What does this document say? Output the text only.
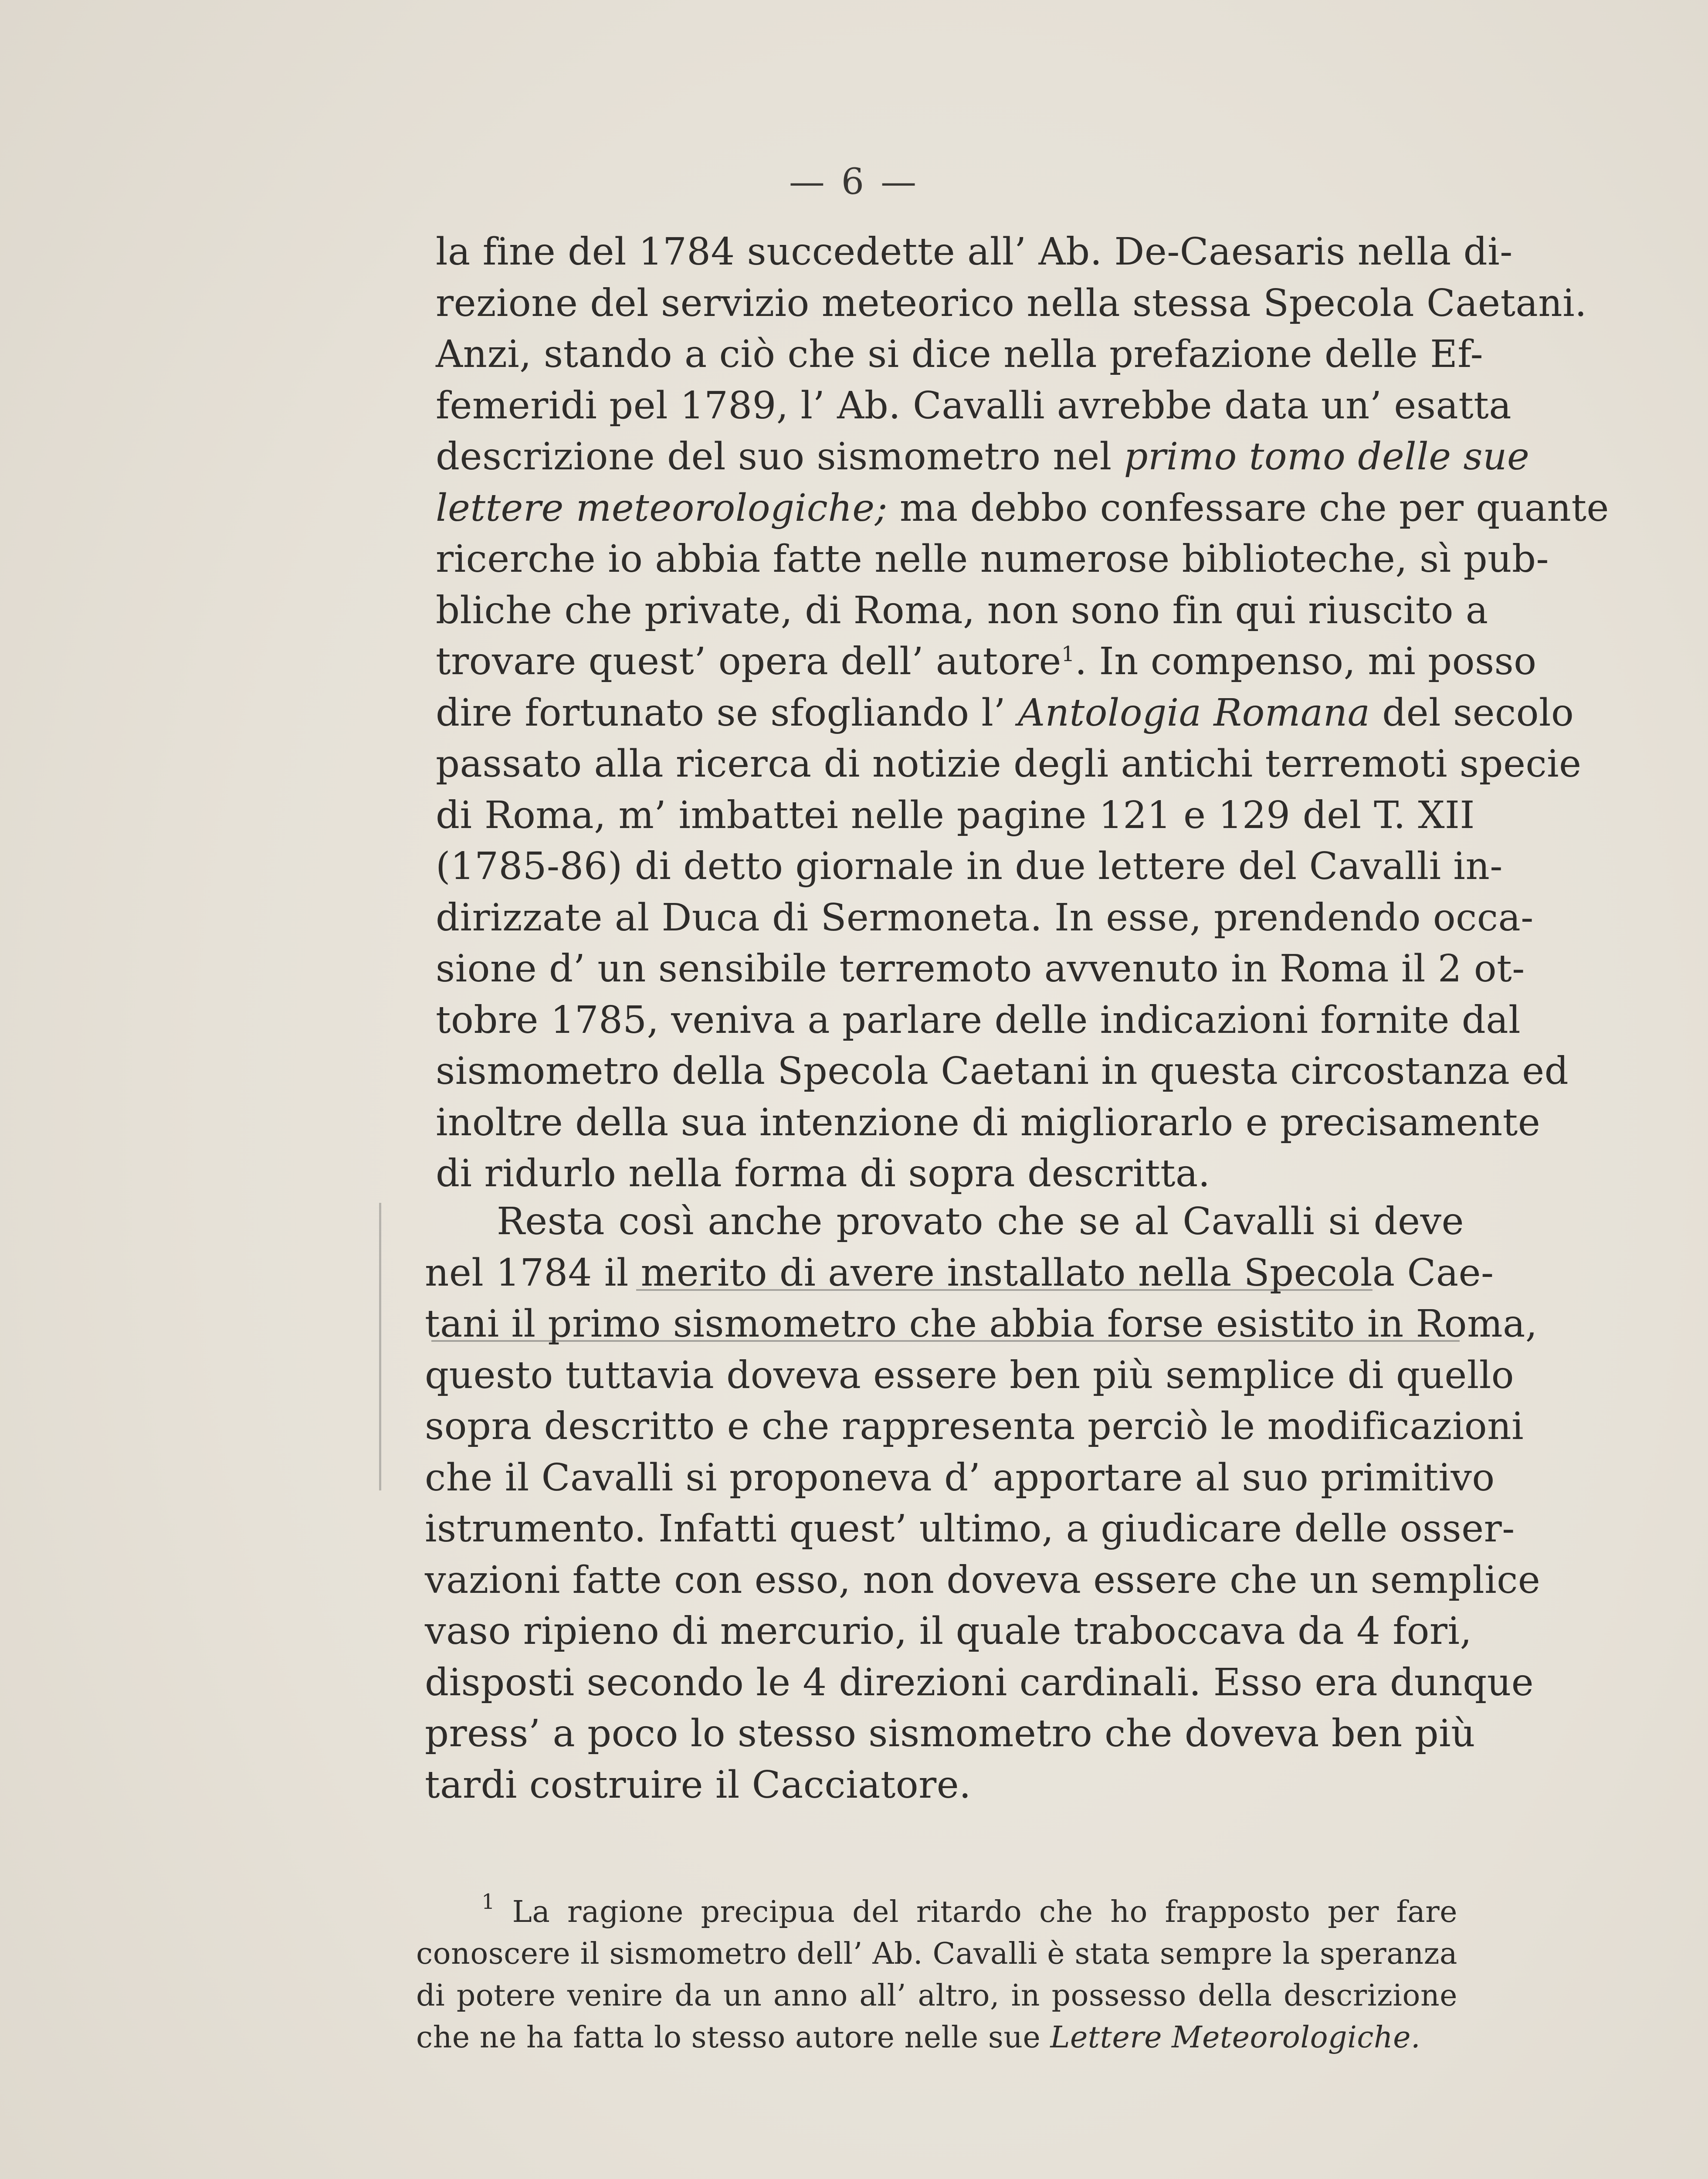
— 6 —
la fine del 1784 succedette all’ Ab. De-Caesaris nella di-
rezione del servizio meteorico nella stessa Specola Caetani.
Anzi, stando a ciò che si dice nella prefazione delle Ef-
femeridi pel 1789, l’ Ab. Cavalli avrebbe data un’ esatta
descrizione del suo sismometro nel primo tomo delle sue
lettere meteorologiche; ma debbo confessare che per quante
ricerche io abbia fatte nelle numerose biblioteche, sì pub-
bliche che private, di Roma, non sono fin qui riuscito a
trovare quest’ opera dell’ autore$^1$. In compenso, mi posso
dire fortunato se sfogliando l’ Antologia Romana del secolo
passato alla ricerca di notizie degli antichi terremoti specie
di Roma, m’ imbattei nelle pagine 121 e 129 del T. XII
(1785-86) di detto giornale in due lettere del Cavalli in-
dirizzate al Duca di Sermoneta. In esse, prendendo occa-
sione d’ un sensibile terremoto avvenuto in Roma il 2 ot-
tobre 1785, veniva a parlare delle indicazioni fornite dal
sismometro della Specola Caetani in questa circostanza ed
inoltre della sua intenzione di migliorarlo e precisamente
di ridurlo nella forma di sopra descritta.
Resta così anche provato che se al Cavalli si deve
nel 1784 il merito di avere installato nella Specola Cae-
tani il primo sismometro che abbia forse esistito in Roma,
questo tuttavia doveva essere ben più semplice di quello
sopra descritto e che rappresenta perciò le modificazioni
che il Cavalli si proponeva d’ apportare al suo primitivo
istrumento. Infatti quest’ ultimo, a giudicare delle osser-
vazioni fatte con esso, non doveva essere che un semplice
vaso ripieno di mercurio, il quale traboccava da 4 fori,
disposti secondo le 4 direzioni cardinali. Esso era dunque
press’ a poco lo stesso sismometro che doveva ben più
tardi costruire il Cacciatore.
$^1$ La ragione precipua del ritardo che ho frapposto per fare
conoscere il sismometro dell’ Ab. Cavalli è stata sempre la speranza
di potere venire da un anno all’ altro, in possesso della descrizione
che ne ha fatta lo stesso autore nelle sue Lettere Meteorologiche.
